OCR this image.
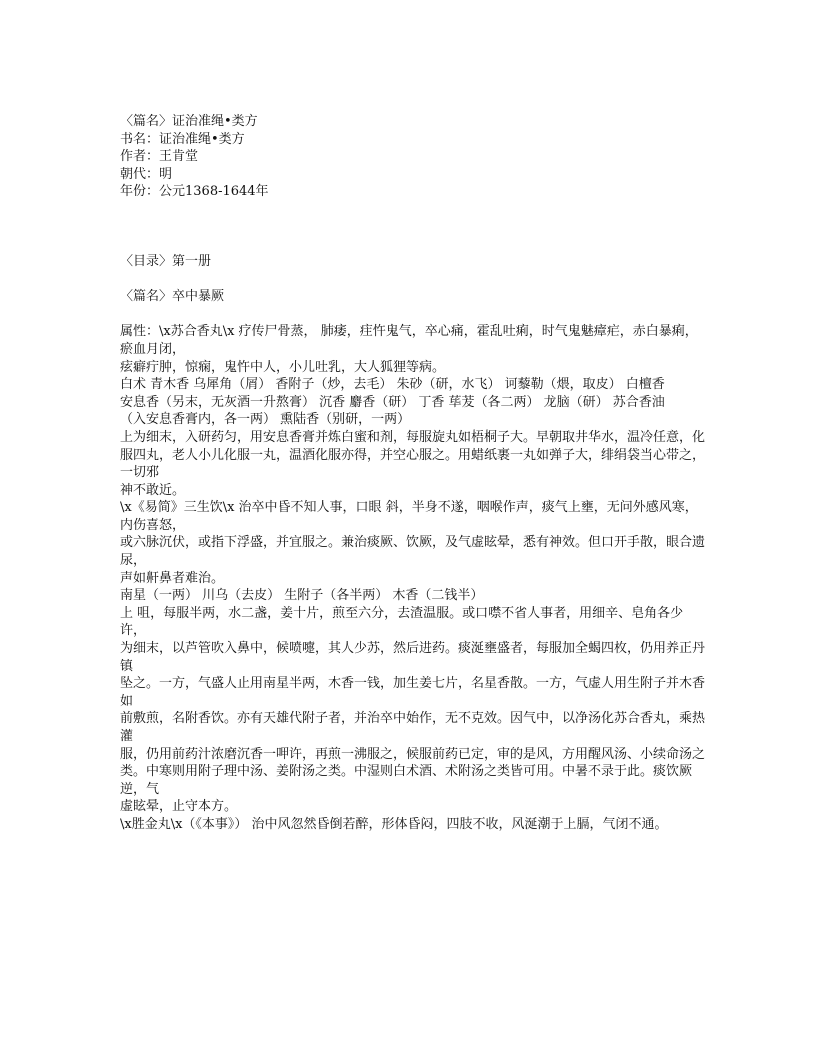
〈篇名〉证治准绳•类方

书名：证治准绳•类方

作者：王肯堂

朝代：明

年份：公元1368-1644年

〈目录〉第一册

〈篇名〉卒中暴厥

属性：\x苏合香丸\x 疗传尸骨蒸， 肺痿，疰忤鬼气，卒心痛，霍乱吐痢，时气鬼魅瘴疟，赤白暴痢，瘀血月闭，

痃癖疔肿，惊痫，鬼忤中人，小儿吐乳，大人狐狸等病。

白术 青木香 乌犀角（屑） 香附子（炒，去毛） 朱砂（研，水飞） 诃藜勒（煨，取皮） 白檀香

安息香（另末，无灰酒一升熬膏） 沉香 麝香（研） 丁香 荜茇（各二两） 龙脑（研） 苏合香油

（入安息香膏内，各一两） 熏陆香（别研，一两）

上为细末，入研药匀，用安息香膏并炼白蜜和剂，每服旋丸如梧桐子大。早朝取井华水，温冷任意，化

服四丸，老人小儿化服一丸，温酒化服亦得，并空心服之。用蜡纸裹一丸如弹子大，绯绢袋当心带之，一切邪

神不敢近。

\x《易简》三生饮\x 治卒中昏不知人事，口眼 斜，半身不遂，咽喉作声，痰气上壅，无问外感风寒，内伤喜怒，

或六脉沉伏，或指下浮盛，并宜服之。兼治痰厥、饮厥，及气虚眩晕，悉有神效。但口开手散，眼合遗尿，

声如鼾鼻者难治。

南星（一两） 川乌（去皮） 生附子（各半两） 木香（二钱半）

上 咀，每服半两，水二盏，姜十片，煎至六分，去渣温服。或口噤不省人事者，用细辛、皂角各少许，

为细末，以芦管吹入鼻中，候喷嚏，其人少苏，然后进药。痰涎壅盛者，每服加全蝎四枚，仍用养正丹镇

坠之。一方，气盛人止用南星半两，木香一钱，加生姜七片，名星香散。一方，气虚人用生附子并木香如

前敷煎，名附香饮。亦有天雄代附子者，并治卒中始作，无不克效。因气中，以净汤化苏合香丸，乘热灌

服，仍用前药汁浓磨沉香一呷许，再煎一沸服之，候服前药已定，审的是风，方用醒风汤、小续命汤之

类。中寒则用附子理中汤、姜附汤之类。中湿则白术酒、术附汤之类皆可用。中暑不录于此。痰饮厥逆，气

虚眩晕，止守本方。

\x胜金丸\x（《本事》） 治中风忽然昏倒若醉，形体昏闷，四肢不收，风涎潮于上膈，气闭不通。
